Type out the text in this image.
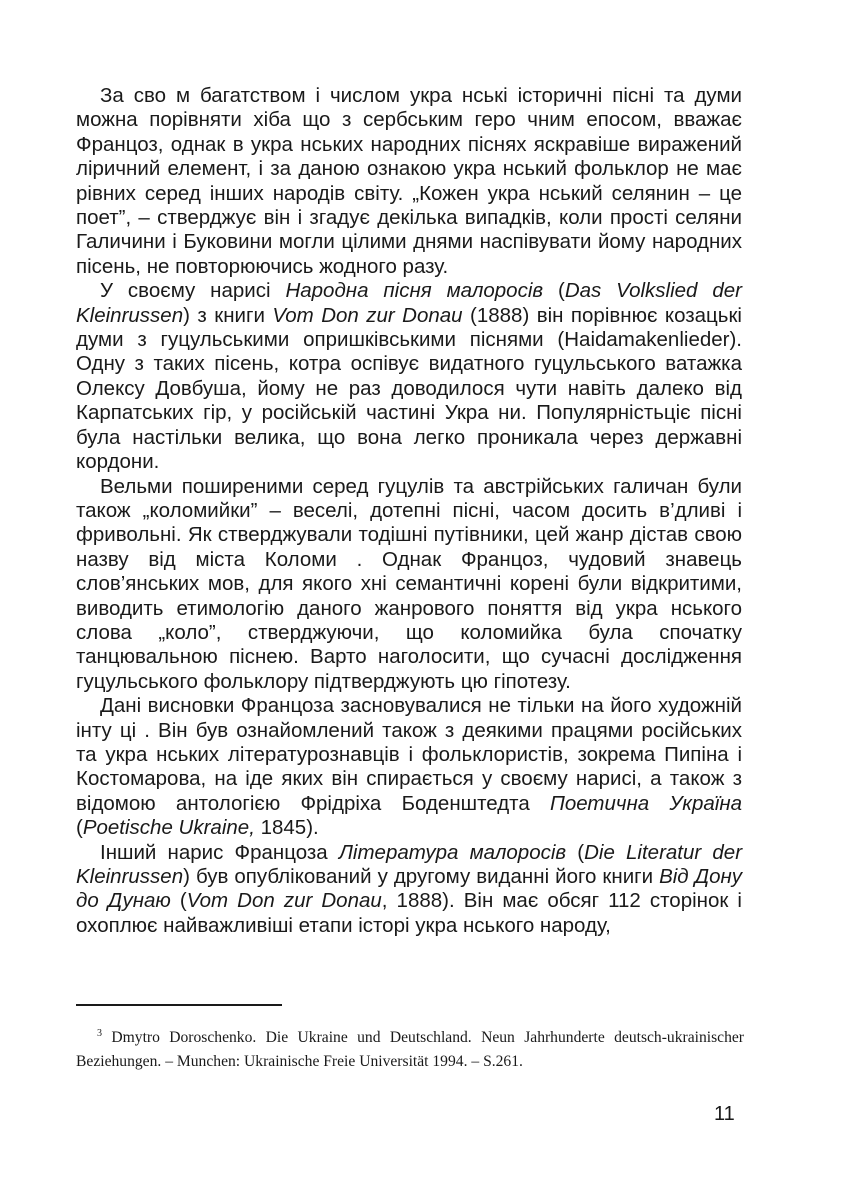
За сво м багатством і числом укра нські історичні пісні та думи можна порівняти хіба що з сербським геро чним епосом, вважає Францоз, однак в укра нських народних піснях яскравіше виражений ліричний елемент, і за даною ознакою укра нський фольклор не має рівних серед інших народів світу. „Кожен укра нський селянин – це поет”, – стверджує він і згадує декілька випадків, коли прості селяни Галичини і Буковини могли цілими днями наспівувати йому народних пісень, не повторюючись жодного разу.

У своєму нарисі Народна пісня малоросів (Das Volkslied der Kleinrussen) з книги Vom Don zur Donau (1888) він порівнює козацькі думи з гуцульськими опришківськими піснями (Haidamakenlieder). Одну з таких пісень, котра оспівує видатного гуцульського ватажка Олексу Довбуша, йому не раз доводилося чути навіть далеко від Карпатських гір, у російській частині Укра ни. Популярністьціє пісні була настільки велика, що вона легко проникала через державні кордони.

Вельми поширеними серед гуцулів та австрійських галичан були також „коломийки” – веселі, дотепні пісні, часом досить в’дливі і фривольні. Як стверджували тодішні путівники, цей жанр дістав свою назву від міста Коломи . Однак Францоз, чудовий знавець слов’янських мов, для якого хні семантичні корені були відкритими, виводить етимологію даного жанрового поняття від укра нського слова „коло”, стверджуючи, що коломийка була спочатку танцювальною піснею. Варто наголосити, що сучасні дослідження гуцульського фольклору підтверджують цю гіпотезу.

Дані висновки Францоза засновувалися не тільки на його художній інту ці . Він був ознайомлений також з деякими працями російських та укра нських літературознавців і фольклористів, зокрема Пипіна і Костомарова, на іде яких він спирається у своєму нарисі, а також з відомою антологією Фрідріха Боденштедта Поетична Україна (Poetische Ukraine, 1845).

Інший нарис Францоза Література малоросів (Die Literatur der Kleinrussen) був опублікований у другому виданні його книги Від Дону до Дунаю (Vom Don zur Donau, 1888). Він має обсяг 112 сторінок і охоплює найважливіші етапи історі укра нського народу,

$^3$ Dmytro Doroschenko. Die Ukraine und Deutschland. Neun Jahrhunderte deutsch-ukrainischer Beziehungen. – Munchen: Ukrainische Freie Universität 1994. – S.261.
11
